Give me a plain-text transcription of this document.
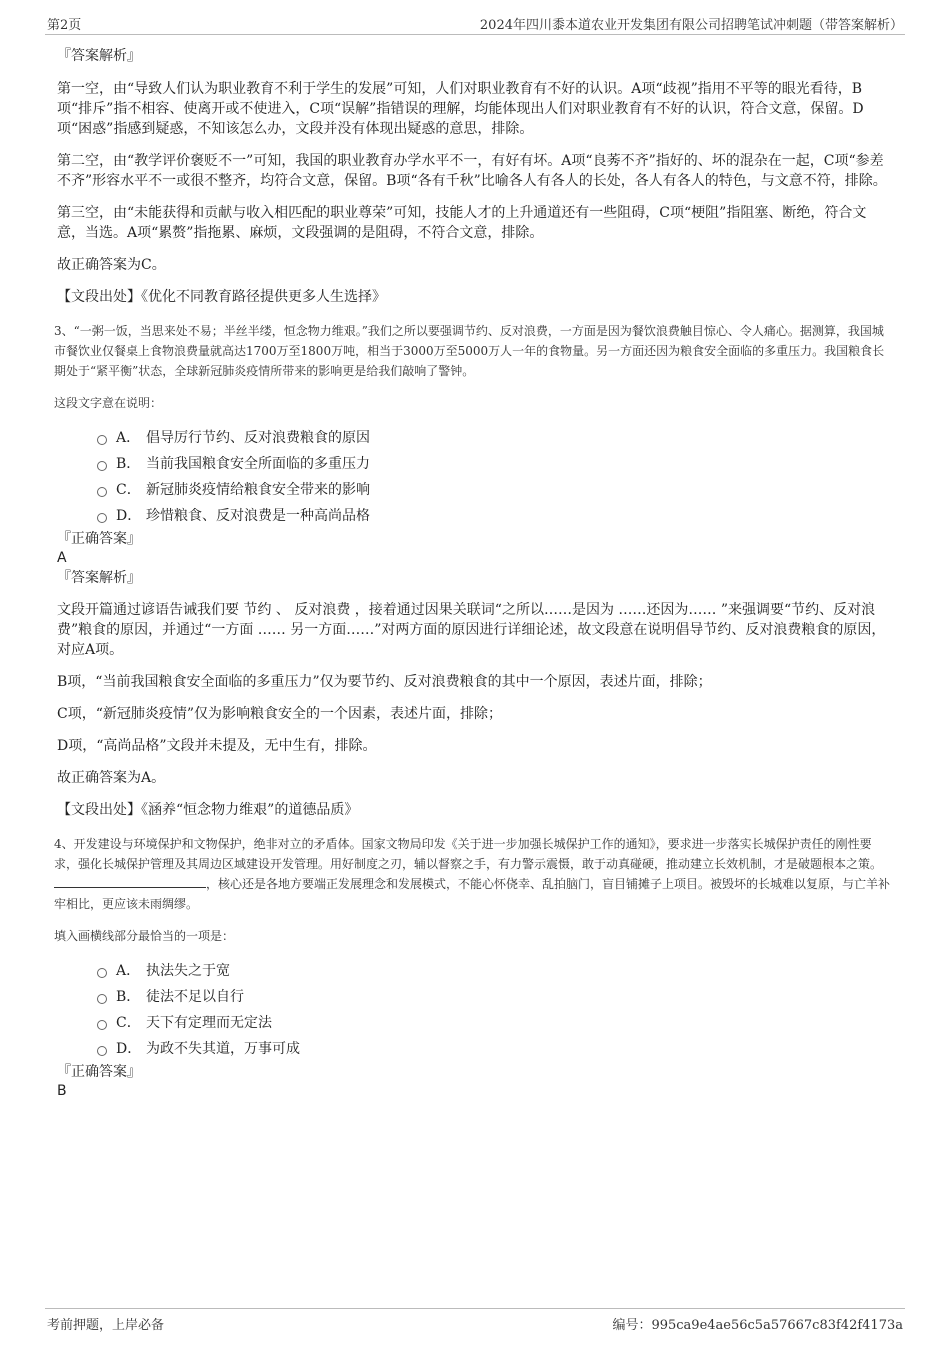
第2页	2024年四川黍本道农业开发集团有限公司招聘笔试冲刺题（带答案解析）
『答案解析』

第一空，由“导致人们认为职业教育不利于学生的发展”可知，人们对职业教育有不好的认识。A项“歧视”指用不平等的眼光看待，B项“排斥”指不相容、使离开或不使进入，C项“误解”指错误的理解，均能体现出人们对职业教育有不好的认识，符合文意，保留。D项“困惑”指感到疑惑，不知该怎么办，文段并没有体现出疑惑的意思，排除。

第二空，由“教学评价褒贬不一”可知，我国的职业教育办学水平不一，有好有坏。A项“良莠不齐”指好的、坏的混杂在一起，C项“参差不齐”形容水平不一或很不整齐，均符合文意，保留。B项“各有千秋”比喻各人有各人的长处，各人有各人的特色，与文意不符，排除。

第三空，由“未能获得和贡献与收入相匹配的职业尊荣”可知，技能人才的上升通道还有一些阻碍，C项“梗阻”指阻塞、断绝，符合文意，当选。A项“累赘”指拖累、麻烦，文段强调的是阻碍，不符合文意，排除。

故正确答案为C。

【文段出处】《优化不同教育路径提供更多人生选择》

3、“一粥一饭，当思来处不易；半丝半缕，恒念物力维艰。”我们之所以要强调节约、反对浪费，一方面是因为餐饮浪费触目惊心、令人痛心。据测算，我国城市餐饮业仅餐桌上食物浪费量就高达1700万至1800万吨，相当于3000万至5000万人一年的食物量。另一方面还因为粮食安全面临的多重压力。我国粮食长期处于“紧平衡”状态，全球新冠肺炎疫情所带来的影响更是给我们敲响了警钟。

这段文字意在说明：

A． 倡导厉行节约、反对浪费粮食的原因
B． 当前我国粮食安全所面临的多重压力
C． 新冠肺炎疫情给粮食安全带来的影响
D． 珍惜粮食、反对浪费是一种高尚品格
『正确答案』
A
『答案解析』

文段开篇通过谚语告诫我们要 节约 、 反对浪费 ，接着通过因果关联词“之所以……是因为 ……还因为…… ”来强调要“节约、反对浪费”粮食的原因，并通过“一方面 …… 另一方面……”对两方面的原因进行详细论述，故文段意在说明倡导节约、反对浪费粮食的原因，对应A项。

B项，“当前我国粮食安全面临的多重压力”仅为要节约、反对浪费粮食的其中一个原因，表述片面，排除；

C项，“新冠肺炎疫情”仅为影响粮食安全的一个因素，表述片面，排除；

D项，“高尚品格”文段并未提及，无中生有，排除。

故正确答案为A。

【文段出处】《涵养“恒念物力维艰”的道德品质》

4、开发建设与环境保护和文物保护，绝非对立的矛盾体。国家文物局印发《关于进一步加强长城保护工作的通知》，要求进一步落实长城保护责任的刚性要求，强化长城保护管理及其周边区域建设开发管理。用好制度之刃，辅以督察之手，有力警示震慑，敢于动真碰硬，推动建立长效机制，才是破题根本之策。，核心还是各地方要端正发展理念和发展模式，不能心怀侥幸、乱拍脑门，盲目铺摊子上项目。被毁坏的长城难以复原，与亡羊补牢相比，更应该未雨绸缪。

填入画横线部分最恰当的一项是：

A． 执法失之于宽
B． 徒法不足以自行
C． 天下有定理而无定法
D． 为政不失其道，万事可成
『正确答案』
B
考前押题，上岸必备	编号：995ca9e4ae56c5a57667c83f42f4173a
